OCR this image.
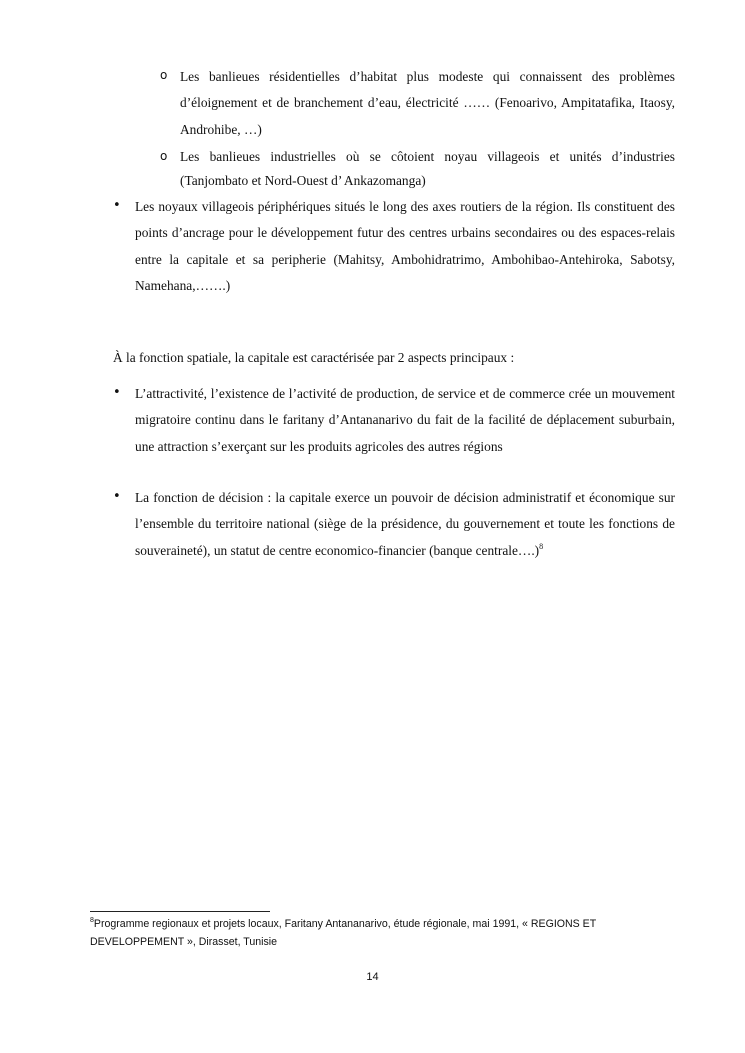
o Les banlieues résidentielles d’habitat plus modeste qui connaissent des problèmes d’éloignement et de branchement d’eau, électricité …… (Fenoarivo, Ampitatafika, Itaosy, Androhibe, …)
o Les banlieues industrielles où se côtoient noyau villageois et unités d’industries (Tanjombato et Nord-Ouest d’ Ankazomanga)
• Les noyaux villageois périphériques situés le long des axes routiers de la région. Ils constituent des points d’ancrage pour le développement futur des centres urbains secondaires ou des espaces-relais entre la capitale et sa peripherie (Mahitsy, Ambohidratrimo, Ambohibao-Antehiroka, Sabotsy, Namehana,…….)
À la fonction spatiale, la capitale est caractérisée par 2 aspects principaux :
• L’attractivité, l’existence de l’activité de production, de service et de commerce crée un mouvement migratoire continu dans le faritany d’Antananarivo du fait de la facilité de déplacement suburbain, une attraction s’exerçant sur les produits agricoles des autres régions
• La fonction de décision : la capitale exerce un pouvoir de décision administratif et économique sur l’ensemble du territoire national (siège de la présidence, du gouvernement et toute les fonctions de souveraineté), un statut de centre economico-financier (banque centrale….)$^8$
$^8$Programme regionaux et projets locaux, Faritany Antananarivo, étude régionale, mai 1991, « REGIONS ET DEVELOPPEMENT », Dirasset, Tunisie
14
